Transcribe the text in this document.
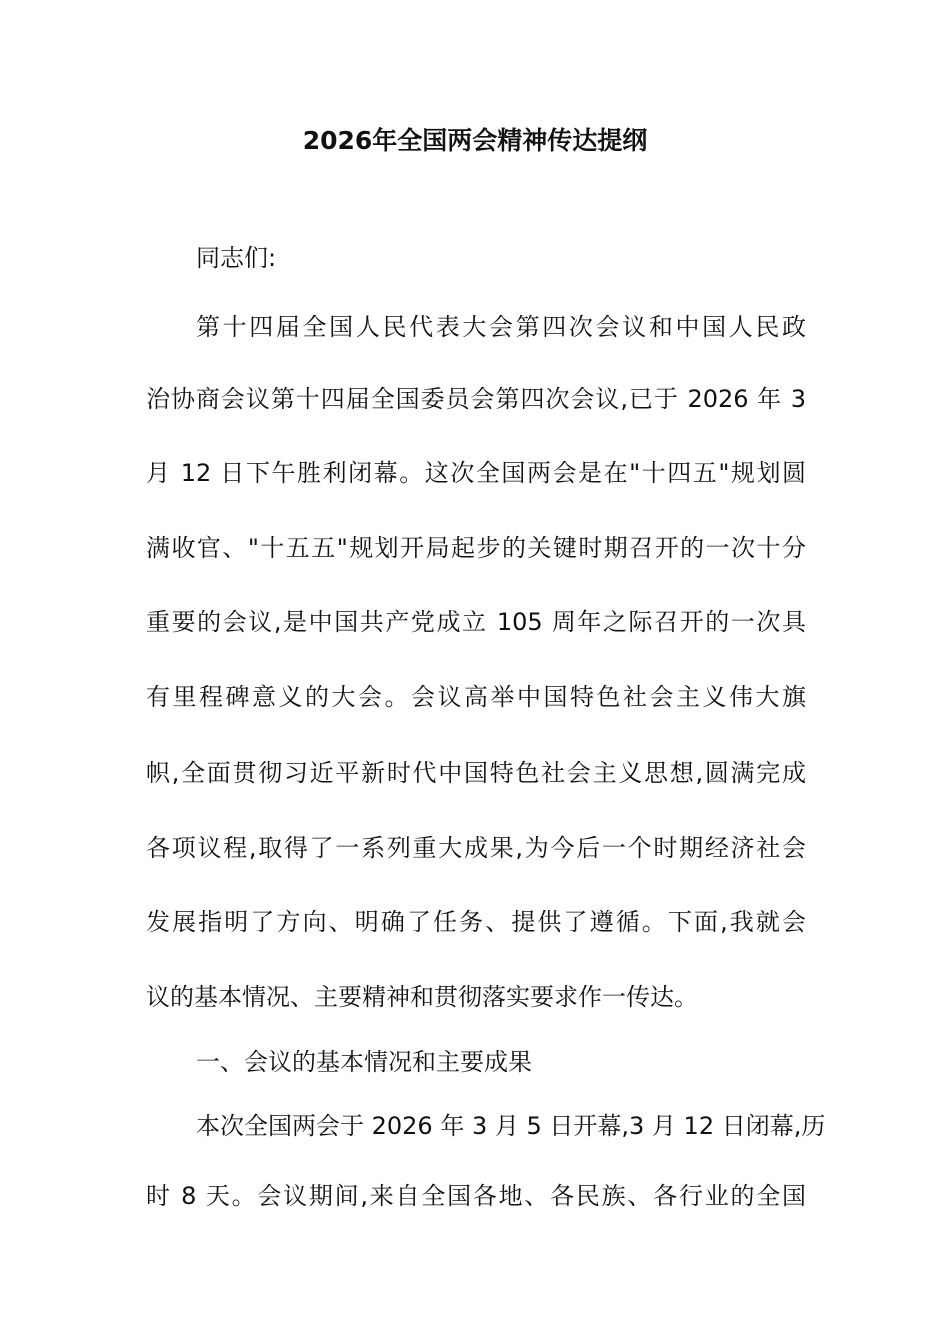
2026年全国两会精神传达提纲
同志们:
第十四届全国人民代表大会第四次会议和中国人民政
治协商会议第十四届全国委员会第四次会议,已于 2026 年 3
月 12 日下午胜利闭幕。这次全国两会是在"十四五"规划圆
满收官、"十五五"规划开局起步的关键时期召开的一次十分
重要的会议,是中国共产党成立 105 周年之际召开的一次具
有里程碑意义的大会。会议高举中国特色社会主义伟大旗
帜,全面贯彻习近平新时代中国特色社会主义思想,圆满完成
各项议程,取得了一系列重大成果,为今后一个时期经济社会
发展指明了方向、明确了任务、提供了遵循。下面,我就会
议的基本情况、主要精神和贯彻落实要求作一传达。
一、会议的基本情况和主要成果
本次全国两会于 2026 年 3 月 5 日开幕,3 月 12 日闭幕,历
时 8 天。会议期间,来自全国各地、各民族、各行业的全国
